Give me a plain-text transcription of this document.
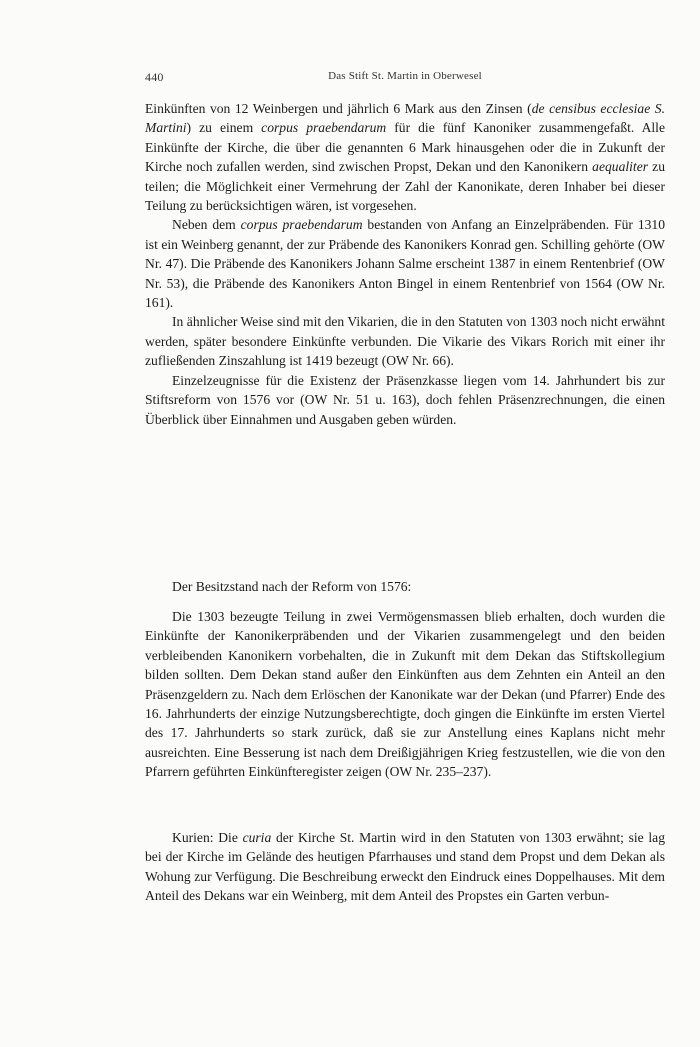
440	Das Stift St. Martin in Oberwesel

Einkünften von 12 Weinbergen und jährlich 6 Mark aus den Zinsen (de censibus ecclesiae S. Martini) zu einem corpus praebendarum für die fünf Kanoniker zusammengefaßt. Alle Einkünfte der Kirche, die über die genannten 6 Mark hinausgehen oder die in Zukunft der Kirche noch zufallen werden, sind zwischen Propst, Dekan und den Kanonikern aequaliter zu teilen; die Möglichkeit einer Vermehrung der Zahl der Kanonikate, deren Inhaber bei dieser Teilung zu berücksichtigen wären, ist vorgesehen.

Neben dem corpus praebendarum bestanden von Anfang an Einzelpräbenden. Für 1310 ist ein Weinberg genannt, der zur Präbende des Kanonikers Konrad gen. Schilling gehörte (OW Nr. 47). Die Präbende des Kanonikers Johann Salme erscheint 1387 in einem Rentenbrief (OW Nr. 53), die Präbende des Kanonikers Anton Bingel in einem Rentenbrief von 1564 (OW Nr. 161).

In ähnlicher Weise sind mit den Vikarien, die in den Statuten von 1303 noch nicht erwähnt werden, später besondere Einkünfte verbunden. Die Vikarie des Vikars Rorich mit einer ihr zufließenden Zinszahlung ist 1419 bezeugt (OW Nr. 66).

Einzelzeugnisse für die Existenz der Präsenzkasse liegen vom 14. Jahrhundert bis zur Stiftsreform von 1576 vor (OW Nr. 51 u. 163), doch fehlen Präsenzrechnungen, die einen Überblick über Einnahmen und Ausgaben geben würden.

Der Besitzstand nach der Reform von 1576:

Die 1303 bezeugte Teilung in zwei Vermögensmassen blieb erhalten, doch wurden die Einkünfte der Kanonikerpräbenden und der Vikarien zusammengelegt und den beiden verbleibenden Kanonikern vorbehalten, die in Zukunft mit dem Dekan das Stiftskollegium bilden sollten. Dem Dekan stand außer den Einkünften aus dem Zehnten ein Anteil an den Präsenzgeldern zu. Nach dem Erlöschen der Kanonikate war der Dekan (und Pfarrer) Ende des 16. Jahrhunderts der einzige Nutzungsberechtigte, doch gingen die Einkünfte im ersten Viertel des 17. Jahrhunderts so stark zurück, daß sie zur Anstellung eines Kaplans nicht mehr ausreichten. Eine Besserung ist nach dem Dreißigjährigen Krieg festzustellen, wie die von den Pfarrern geführten Einkünfteregister zeigen (OW Nr. 235–237).

Kurien: Die curia der Kirche St. Martin wird in den Statuten von 1303 erwähnt; sie lag bei der Kirche im Gelände des heutigen Pfarrhauses und stand dem Propst und dem Dekan als Wohung zur Verfügung. Die Beschreibung erweckt den Eindruck eines Doppelhauses. Mit dem Anteil des Dekans war ein Weinberg, mit dem Anteil des Propstes ein Garten verbun-
